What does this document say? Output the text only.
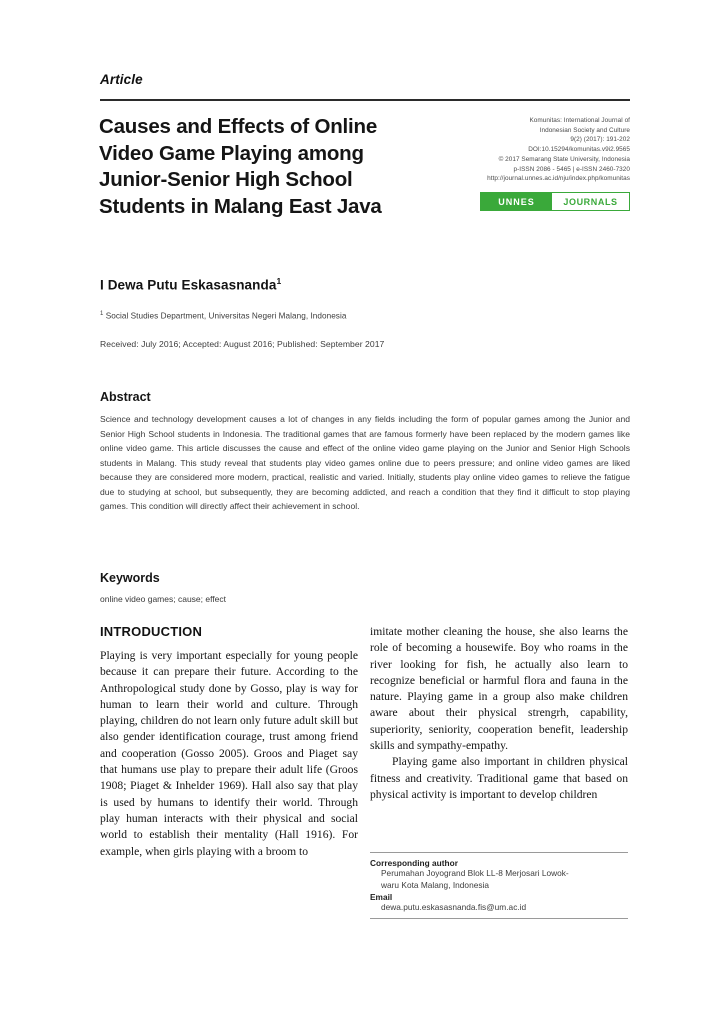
Article
Causes and Effects of Online
Video Game Playing among
Junior-Senior High School
Students in Malang East Java
Komunitas: International Journal of
Indonesian Society and Culture
9(2) (2017): 191-202
DOI:10.15294/komunitas.v9i2.9565
© 2017 Semarang State University, Indonesia
p-ISSN 2086 - 5465 | e-ISSN 2460-7320
http://journal.unnes.ac.id/nju/index.php/komunitas
UNNES	JOURNALS
I Dewa Putu Eskasasnanda$^1$
$^1$ Social Studies Department, Universitas Negeri Malang, Indonesia
Received: July 2016; Accepted: August 2016; Published: September 2017
Abstract
Science and technology development causes a lot of changes in any fields including the form of popular games among the Junior and Senior High School students in Indonesia. The traditional games that are famous formerly have been replaced by the modern games like online video game. This article discusses the cause and effect of the online video game playing on the Junior and Senior High Schools students in Malang. This study reveal that students play video games online due to peers pressure; and online video games are liked because they are considered more modern, practical, realistic and varied. Initially, students play online video games to relieve the fatigue due to studying at school, but subsequently, they are becoming addicted, and reach a condition that they find it difficult to stop playing games. This condition will directly affect their achievement in school.
Keywords
online video games; cause; effect
INTRODUCTION

Playing is very important especially for young people because it can prepare their future. According to the Anthropological study done by Gosso, play is way for human to learn their world and culture. Through playing, children do not learn only future adult skill but also gender identification courage, trust among friend and cooperation (Gosso 2005). Groos and Piaget say that humans use play to prepare their adult life (Groos 1908; Piaget & Inhelder 1969). Hall also say that play is used by humans to identify their world. Through play human interacts with their physical and social world to establish their mentality (Hall 1916). For example, when girls playing with a broom to

imitate mother cleaning the house, she also learns the role of becoming a housewife. Boy who roams in the river looking for fish, he actually also learn to recognize beneficial or harmful flora and fauna in the nature. Playing game in a group also make children aware about their physical strengrh, capability, superiority, seniority, cooperation benefit, leadership skills and sympathy-empathy.

Playing game also important in children physical fitness and creativity. Traditional game that based on physical activity is important to develop children

Corresponding author
Perumahan Joyogrand Blok LL-8 Merjosari Lowok-
waru Kota Malang, Indonesia
Email
dewa.putu.eskasasnanda.fis@um.ac.id
